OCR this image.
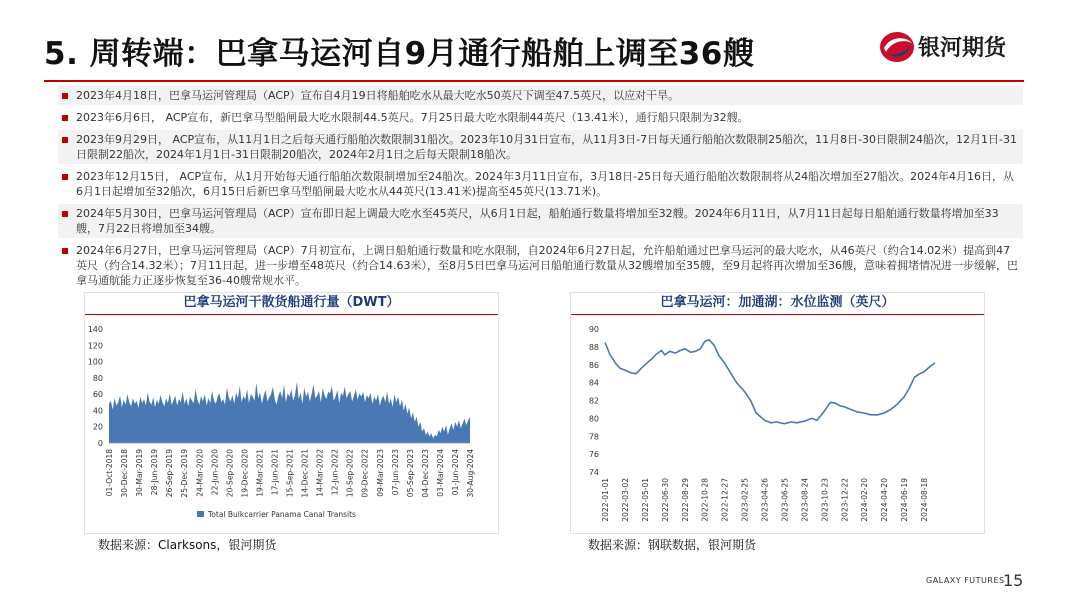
5. 周转端：巴拿马运河自9月通行船舶上调至36艘	银河期货
2023年4月18日，巴拿马运河管理局（ACP）宣布自4月19日将船舶吃水从最大吃水50英尺下调至47.5英尺，以应对干旱。
2023年6月6日， ACP宣布，新巴拿马型船闸最大吃水限制44.5英尺。7月25日最大吃水限制44英尺（13.41米），通行船只限制为32艘。
2023年9月29日， ACP宣布，从11月1日之后每天通行船舶次数限制31船次。2023年10月31日宣布，从11月3日-7日每天通行船舶次数限制25船次，11月8日-30日限制24船次，12月1日-31日限制22船次，2024年1月1日-31日限制20船次，2024年2月1日之后每天限制18船次。
2023年12月15日， ACP宣布，从1月开始每天通行船舶次数限制增加至24船次。2024年3月11日宣布，3月18日-25日每天通行船舶次数限制将从24船次增加至27船次。2024年4月16日，从 6月1日起增加至32船次，6月15日后新巴拿马型船闸最大吃水从44英尺(13.41米)提高至45英尺(13.71米)。
2024年5月30日，巴拿马运河管理局（ACP）宣布即日起上调最大吃水至45英尺，从6月1日起，船舶通行数量将增加至32艘。2024年6月11日，从7月11日起每日船舶通行数量将增加至33艘，7月22日将增加至34艘。
2024年6月27日，巴拿马运河管理局（ACP）7月初宣布，上调日船舶通行数量和吃水限制，自2024年6月27日起，允许船舶通过巴拿马运河的最大吃水，从46英尺（约合14.02米）提高到47英尺（约合14.32米）；7月11日起，进一步增至48英尺（约合14.63米），至8月5日巴拿马运河日船舶通行数量从32艘增加至35艘，至9月起将再次增加至36艘，意味着拥堵情况进一步缓解，巴拿马通航能力正逐步恢复至36-40艘常规水平。
巴拿马运河干散货船通行量（DWT）
0
20
40
60
80
100
120
140
01-Oct-2018 30-Dec-2018 30-Mar-2019 28-Jun-2019 26-Sep-2019 25-Dec-2019 24-Mar-2020 22-Jun-2020 20-Sep-2020 19-Dec-2020 19-Mar-2021 17-Jun-2021 15-Sep-2021 14-Dec-2021 14-Mar-2022 12-Jun-2022 10-Sep-2022 09-Dec-2022 09-Mar-2023 07-Jun-2023 05-Sep-2023 04-Dec-2023 03-Mar-2024 01-Jun-2024 30-Aug-2024
Total Bulkcarrier Panama Canal Transits
数据来源：Clarksons，银河期货
巴拿马运河：加通湖：水位监测（英尺）
74
76
78
80
82
84
86
88
90
2022-01-01 2022-03-02 2022-05-01 2022-06-30 2022-08-29 2022-10-28 2022-12-27 2023-02-25 2023-04-26 2023-06-25 2023-08-24 2023-10-23 2023-12-22 2024-02-20 2024-04-20 2024-06-19 2024-08-18
数据来源：钢联数据，银河期货
GALAXY FUTURES
15
